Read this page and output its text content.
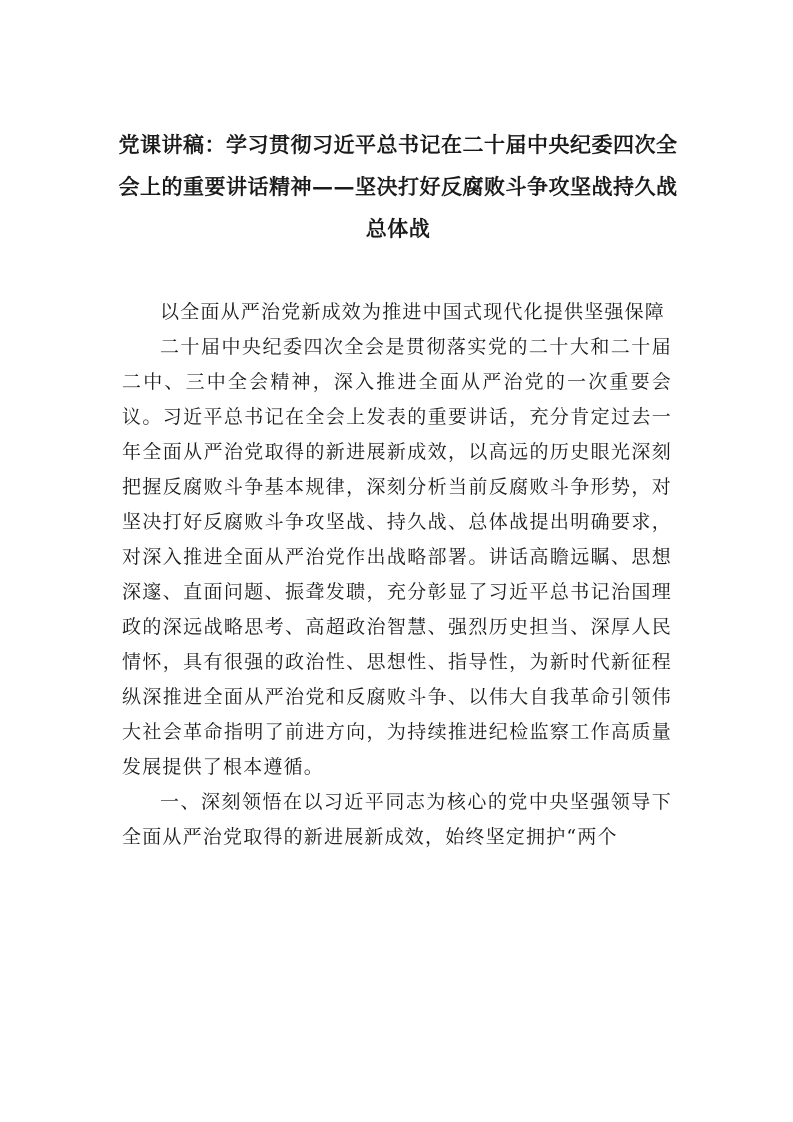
党课讲稿：学习贯彻习近平总书记在二十届中央纪委四次全会上的重要讲话精神——坚决打好反腐败斗争攻坚战持久战总体战

以全面从严治党新成效为推进中国式现代化提供坚强保障

二十届中央纪委四次全会是贯彻落实党的二十大和二十届二中、三中全会精神，深入推进全面从严治党的一次重要会议。习近平总书记在全会上发表的重要讲话，充分肯定过去一年全面从严治党取得的新进展新成效，以高远的历史眼光深刻把握反腐败斗争基本规律，深刻分析当前反腐败斗争形势，对坚决打好反腐败斗争攻坚战、持久战、总体战提出明确要求，对深入推进全面从严治党作出战略部署。讲话高瞻远瞩、思想深邃、直面问题、振聋发聩，充分彰显了习近平总书记治国理政的深远战略思考、高超政治智慧、强烈历史担当、深厚人民情怀，具有很强的政治性、思想性、指导性，为新时代新征程纵深推进全面从严治党和反腐败斗争、以伟大自我革命引领伟大社会革命指明了前进方向，为持续推进纪检监察工作高质量发展提供了根本遵循。

一、深刻领悟在以习近平同志为核心的党中央坚强领导下全面从严治党取得的新进展新成效，始终坚定拥护“两个
